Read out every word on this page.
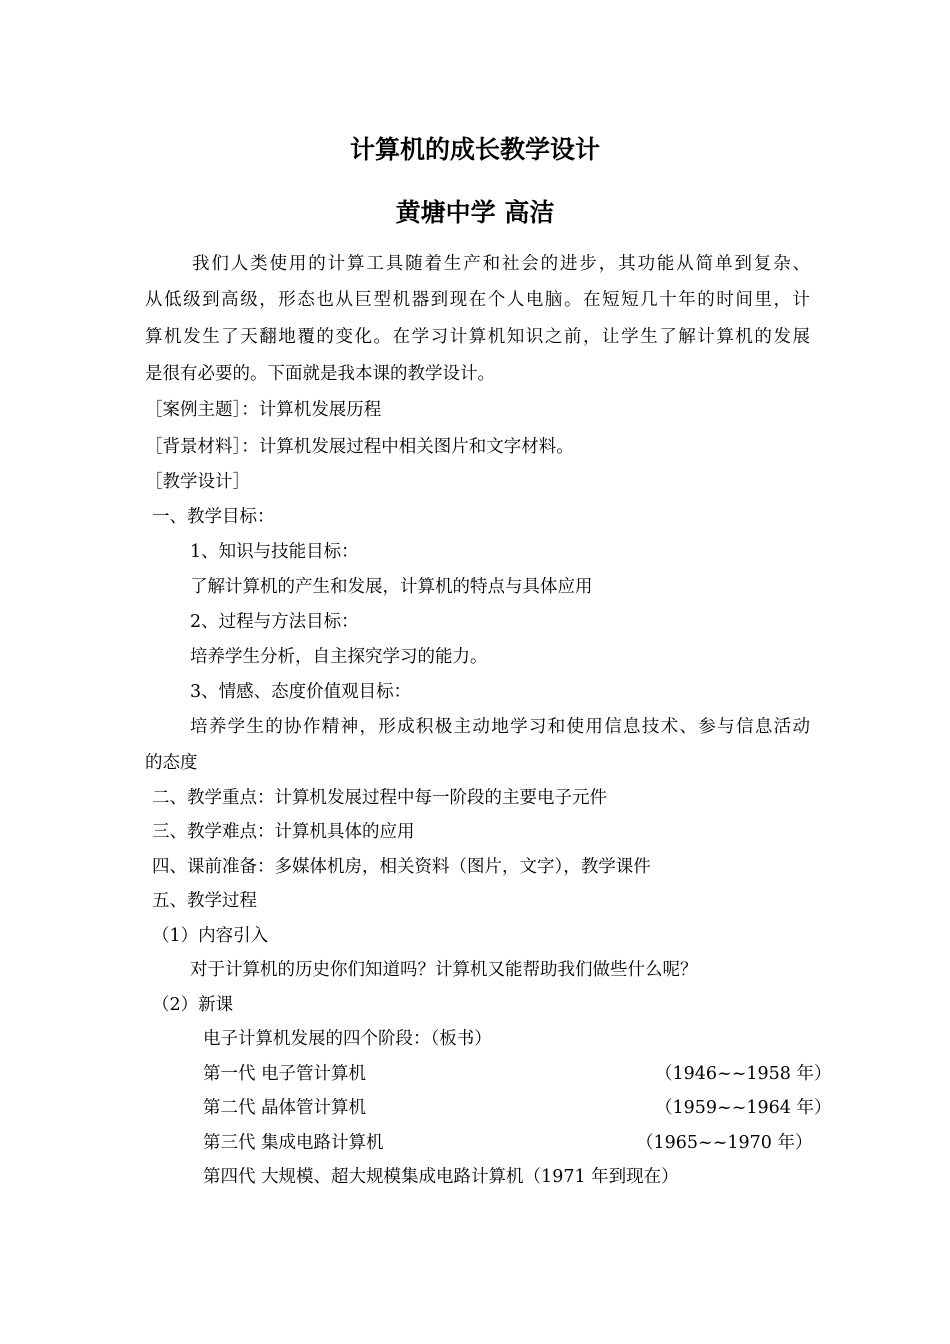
计算机的成长教学设计
黄塘中学 高洁
我们人类使用的计算工具随着生产和社会的进步，其功能从简单到复杂、
从低级到高级，形态也从巨型机器到现在个人电脑。在短短几十年的时间里，计
算机发生了天翻地覆的变化。在学习计算机知识之前，让学生了解计算机的发展
是很有必要的。下面就是我本课的教学设计。
［案例主题］：计算机发展历程
［背景材料］：计算机发展过程中相关图片和文字材料。
［教学设计］
一、教学目标：
1、知识与技能目标：
了解计算机的产生和发展，计算机的特点与具体应用
2、过程与方法目标：
培养学生分析，自主探究学习的能力。
3、情感、态度价值观目标：
培养学生的协作精神，形成积极主动地学习和使用信息技术、参与信息活动
的态度
二、教学重点：计算机发展过程中每一阶段的主要电子元件
三、教学难点：计算机具体的应用
四、课前准备：多媒体机房，相关资料（图片，文字），教学课件
五、教学过程
（1）内容引入
对于计算机的历史你们知道吗？计算机又能帮助我们做些什么呢？
（2）新课
电子计算机发展的四个阶段：（板书）
第一代 电子管计算机	（1946~~1958 年）
第二代 晶体管计算机	（1959~~1964 年）
第三代 集成电路计算机	（1965~~1970 年）
第四代 大规模、超大规模集成电路计算机（1971 年到现在）
